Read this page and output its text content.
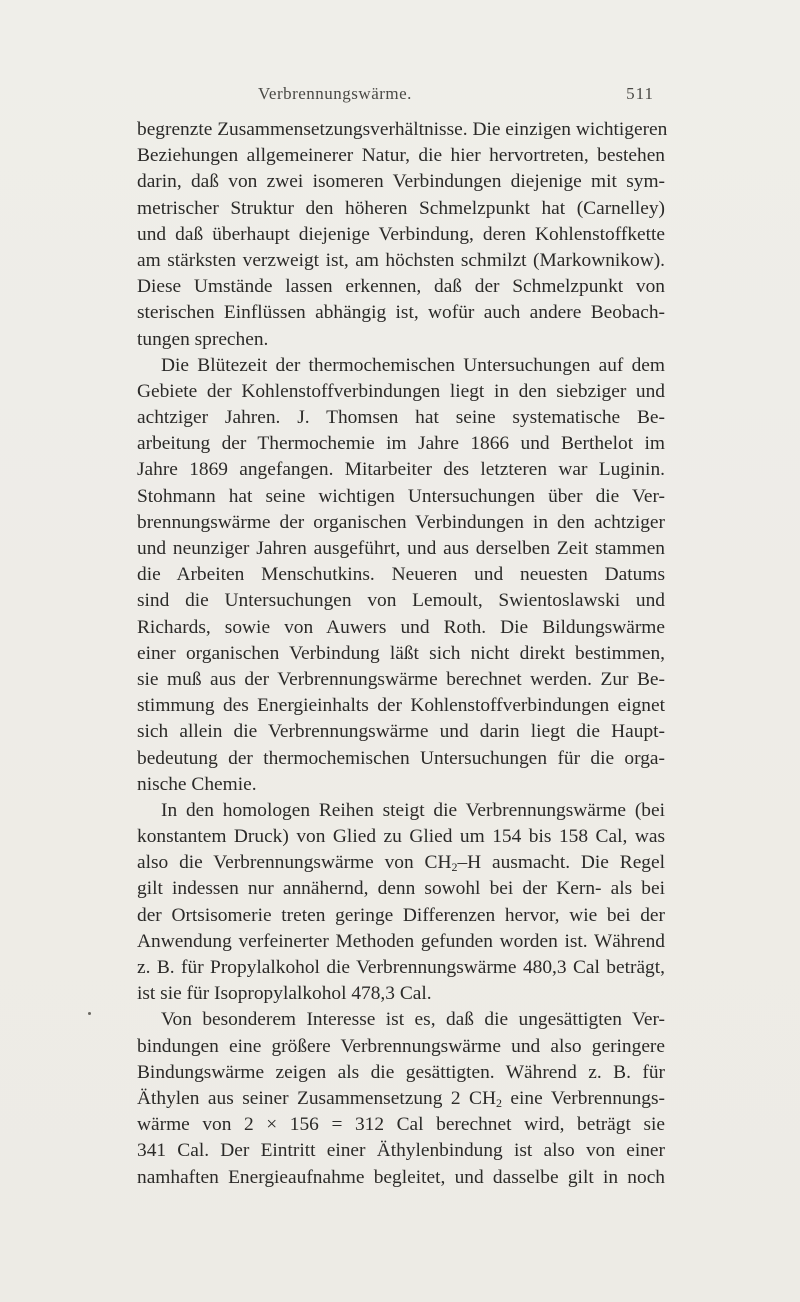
Verbrennungswärme.	511
begrenzte Zusammensetzungsverhältnisse. Die einzigen wichtigeren
Beziehungen allgemeinerer Natur, die hier hervortreten, bestehen
darin, daß von zwei isomeren Verbindungen diejenige mit sym-
metrischer Struktur den höheren Schmelzpunkt hat (Carnelley)
und daß überhaupt diejenige Verbindung, deren Kohlenstoffkette
am stärksten verzweigt ist, am höchsten schmilzt (Markownikow).
Diese Umstände lassen erkennen, daß der Schmelzpunkt von
sterischen Einflüssen abhängig ist, wofür auch andere Beobach-
tungen sprechen.
Die Blütezeit der thermochemischen Untersuchungen auf dem
Gebiete der Kohlenstoffverbindungen liegt in den siebziger und
achtziger Jahren. J. Thomsen hat seine systematische Be-
arbeitung der Thermochemie im Jahre 1866 und Berthelot im
Jahre 1869 angefangen. Mitarbeiter des letzteren war Luginin.
Stohmann hat seine wichtigen Untersuchungen über die Ver-
brennungswärme der organischen Verbindungen in den achtziger
und neunziger Jahren ausgeführt, und aus derselben Zeit stammen
die Arbeiten Menschutkins. Neueren und neuesten Datums
sind die Untersuchungen von Lemoult, Swientoslawski und
Richards, sowie von Auwers und Roth. Die Bildungswärme
einer organischen Verbindung läßt sich nicht direkt bestimmen,
sie muß aus der Verbrennungswärme berechnet werden. Zur Be-
stimmung des Energieinhalts der Kohlenstoffverbindungen eignet
sich allein die Verbrennungswärme und darin liegt die Haupt-
bedeutung der thermochemischen Untersuchungen für die orga-
nische Chemie.
In den homologen Reihen steigt die Verbrennungswärme (bei
konstantem Druck) von Glied zu Glied um 154 bis 158 Cal, was
also die Verbrennungswärme von $CH_2-H$ ausmacht. Die Regel
gilt indessen nur annähernd, denn sowohl bei der Kern- als bei
der Ortsisomerie treten geringe Differenzen hervor, wie bei der
Anwendung verfeinerter Methoden gefunden worden ist. Während
z. B. für Propylalkohol die Verbrennungswärme 480,3 Cal beträgt,
ist sie für Isopropylalkohol 478,3 Cal.
Von besonderem Interesse ist es, daß die ungesättigten Ver-
bindungen eine größere Verbrennungswärme und also geringere
Bindungswärme zeigen als die gesättigten. Während z. B. für
Äthylen aus seiner Zusammensetzung 2 $CH_2$ eine Verbrennungs-
wärme von 2 × 156 = 312 Cal berechnet wird, beträgt sie
341 Cal. Der Eintritt einer Äthylenbindung ist also von einer
namhaften Energieaufnahme begleitet, und dasselbe gilt in noch
